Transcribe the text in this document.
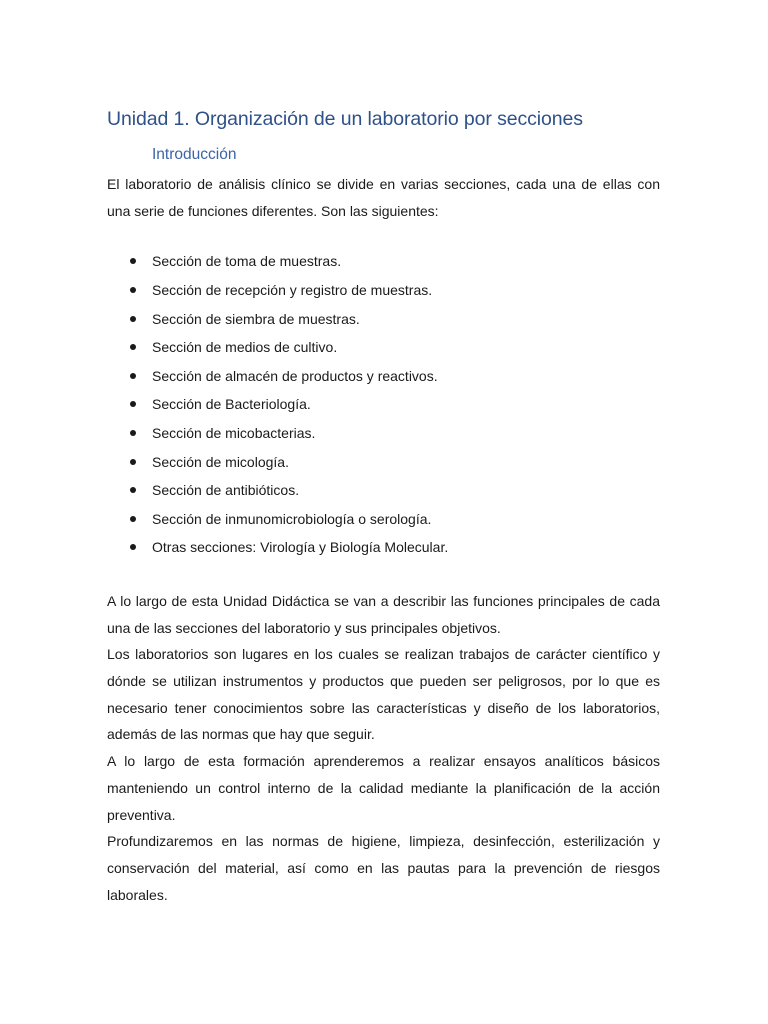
Unidad 1. Organización de un laboratorio por secciones
Introducción

El laboratorio de análisis clínico se divide en varias secciones, cada una de ellas con una serie de funciones diferentes. Son las siguientes:

Sección de toma de muestras.
Sección de recepción y registro de muestras.
Sección de siembra de muestras.
Sección de medios de cultivo.
Sección de almacén de productos y reactivos.
Sección de Bacteriología.
Sección de micobacterias.
Sección de micología.
Sección de antibióticos.
Sección de inmunomicrobiología o serología.
Otras secciones: Virología y Biología Molecular.

A lo largo de esta Unidad Didáctica se van a describir las funciones principales de cada una de las secciones del laboratorio y sus principales objetivos.

Los laboratorios son lugares en los cuales se realizan trabajos de carácter científico y dónde se utilizan instrumentos y productos que pueden ser peligrosos, por lo que es necesario tener conocimientos sobre las características y diseño de los laboratorios, además de las normas que hay que seguir.

A lo largo de esta formación aprenderemos a realizar ensayos analíticos básicos manteniendo un control interno de la calidad mediante la planificación de la acción preventiva.

Profundizaremos en las normas de higiene, limpieza, desinfección, esterilización y conservación del material, así como en las pautas para la prevención de riesgos laborales.
